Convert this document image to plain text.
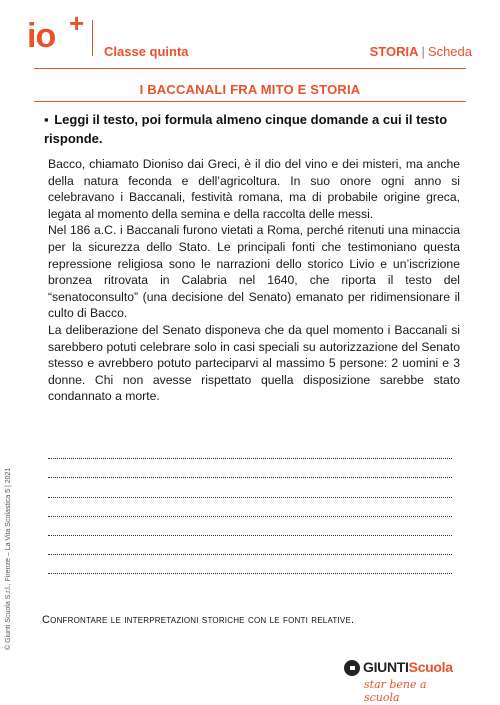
io +
Classe quinta	STORIA | Scheda
I BACCANALI FRA MITO E STORIA
▪ Leggi il testo, poi formula almeno cinque domande a cui il testo risponde.

Bacco, chiamato Dioniso dai Greci, è il dio del vino e dei misteri, ma anche della natura feconda e dell’agricoltura. In suo onore ogni anno si celebravano i Baccanali, festività romana, ma di probabile origine greca, legata al momento della semina e della raccolta delle messi.

Nel 186 a.C. i Baccanali furono vietati a Roma, perché ritenuti una minaccia per la sicurezza dello Stato. Le principali fonti che testimoniano questa repressione religiosa sono le narrazioni dello storico Livio e un’iscrizione bronzea ritrovata in Calabria nel 1640, che riporta il testo del “senatoconsulto” (una decisione del Senato) emanato per ridimensionare il culto di Bacco.

La deliberazione del Senato disponeva che da quel momento i Baccanali si sarebbero potuti celebrare solo in casi speciali su autorizzazione del Senato stesso e avrebbero potuto parteciparvi al massimo 5 persone: 2 uomini e 3 donne. Chi non avesse rispettato quella disposizione sarebbe stato condannato a morte.

Confrontare le interpretazioni storiche con le fonti relative.
© Giunti Scuola S.r.l., Firenze – La Vita Scolastica 5 | 2021
GIUNTIScuola
star bene a scuola
